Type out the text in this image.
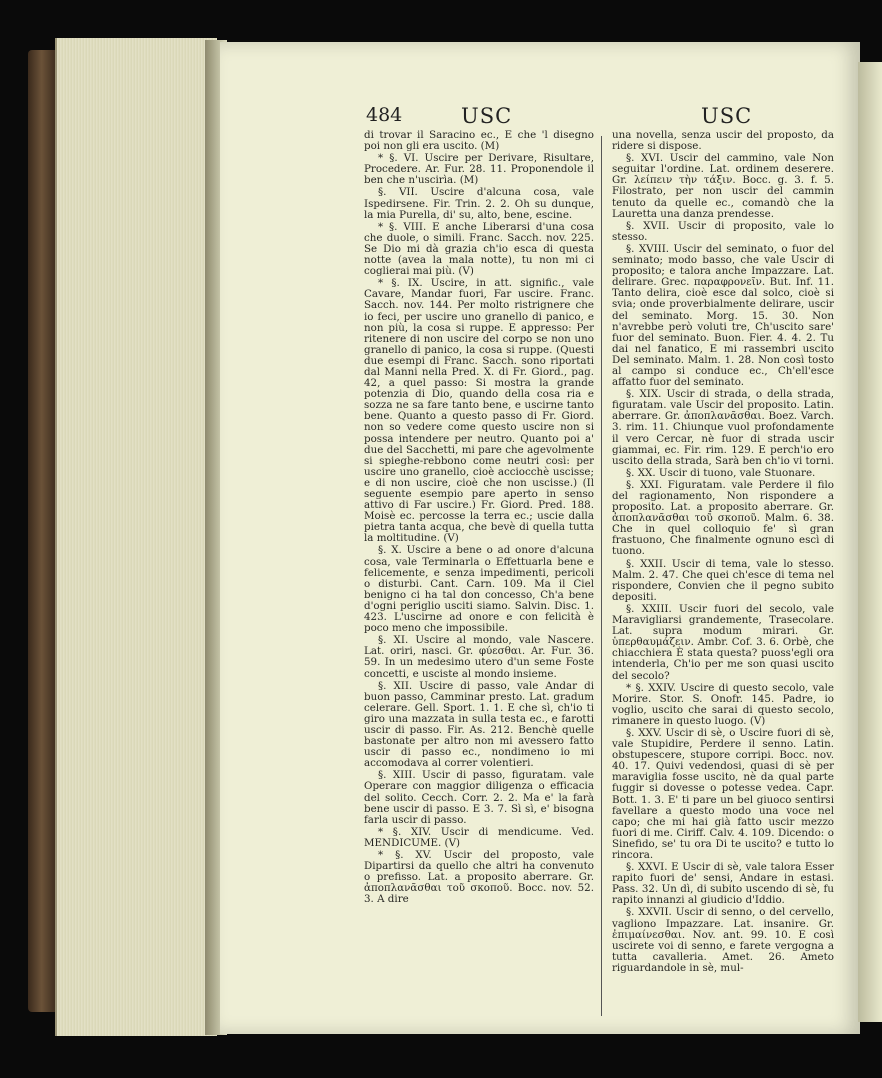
484	USC	USC

di trovar il Saracino ec., E che 'l disegno poi non gli era uscito. (M)

* §. VI. Uscire per Derivare, Risultare, Procedere. Ar. Fur. 28. 11. Proponendole il ben che n'uscirìa. (M)

§. VII. Uscire d'alcuna cosa, vale Ispedirsene. Fir. Trin. 2. 2. Oh su dunque, la mia Purella, di' su, alto, bene, escine.

* §. VIII. E anche Liberarsi d'una cosa che duole, o simili. Franc. Sacch. nov. 225. Se Dio mi dà grazia ch'io esca di questa notte (avea la mala notte), tu non mi ci coglierai mai più. (V)

* §. IX. Uscire, in att. signific., vale Cavare, Mandar fuori, Far uscire. Franc. Sacch. nov. 144. Per molto ristrignere che io feci, per uscire uno granello di panico, e non più, la cosa si ruppe. E appresso: Per ritenere di non uscire del corpo se non uno granello di panico, la cosa si ruppe. (Questi due esempi di Franc. Sacch. sono riportati dal Manni nella Pred. X. di Fr. Giord., pag. 42, a quel passo: Si mostra la grande potenzia di Dio, quando della cosa ria e sozza ne sa fare tanto bene, e uscirne tanto bene. Quanto a questo passo di Fr. Giord. non so vedere come questo uscire non si possa intendere per neutro. Quanto poi a' due del Sacchetti, mi pare che agevolmente si spieghe-rebbono come neutri così: per uscire uno granello, cioè acciocchè uscisse; e di non uscire, cioè che non uscisse.) (Il seguente esempio pare aperto in senso attivo di Far uscire.) Fr. Giord. Pred. 188. Moisè ec. percosse la terra ec.; uscie dalla pietra tanta acqua, che bevè di quella tutta la moltitudine. (V)

§. X. Uscire a bene o ad onore d'alcuna cosa, vale Terminarla o Effettuarla bene e felicemente, e senza impedimenti, pericoli o disturbi. Cant. Carn. 109. Ma il Ciel benigno ci ha tal don concesso, Ch'a bene d'ogni periglio usciti siamo. Salvin. Disc. 1. 423. L'uscirne ad onore e con felicità è poco meno che impossibile.

§. XI. Uscire al mondo, vale Nascere. Lat. oriri, nasci. Gr. φύεσθαι. Ar. Fur. 36. 59. In un medesimo utero d'un seme Foste concetti, e usciste al mondo insieme.

§. XII. Uscire di passo, vale Andar di buon passo, Camminar presto. Lat. gradum celerare. Gell. Sport. 1. 1. E che sì, ch'io ti giro una mazzata in sulla testa ec., e farotti uscir di passo. Fir. As. 212. Benchè quelle bastonate per altro non mi avessero fatto uscir di passo ec., nondimeno io mi accomodava al correr volentieri.

§. XIII. Uscir di passo, figuratam. vale Operare con maggior diligenza o efficacia del solito. Cecch. Corr. 2. 2. Ma e' la farà bene uscir di passo. E 3. 7. Sì sì, e' bisogna farla uscir di passo.

* §. XIV. Uscir di mendicume. Ved. MENDICUME. (V)

* §. XV. Uscir del proposto, vale Dipartirsi da quello che altri ha convenuto o prefisso. Lat. a proposito aberrare. Gr. ἀποπλανᾶσθαι τοῦ σκοποῦ. Bocc. nov. 52. 3. A dire

una novella, senza uscir del proposto, da ridere si dispose.

§. XVI. Uscir del cammino, vale Non seguitar l'ordine. Lat. ordinem deserere. Gr. λείπειν τὴν τάξιν. Bocc. g. 3. f. 5. Filostrato, per non uscir del cammin tenuto da quelle ec., comandò che la Lauretta una danza prendesse.

§. XVII. Uscir di proposito, vale lo stesso.

§. XVIII. Uscir del seminato, o fuor del seminato; modo basso, che vale Uscir di proposito; e talora anche Impazzare. Lat. delirare. Grec. παραφρονεῖν. But. Inf. 11. Tanto delira, cioè esce dal solco, cioè si svia; onde proverbialmente delirare, uscir del seminato. Morg. 15. 30. Non n'avrebbe però voluti tre, Ch'uscito sare' fuor del seminato. Buon. Fier. 4. 4. 2. Tu dai nel fanatico, E mi rassembri uscito Del seminato. Malm. 1. 28. Non così tosto al campo si conduce ec., Ch'ell'esce affatto fuor del seminato.

§. XIX. Uscir di strada, o della strada, figuratam. vale Uscir del proposito. Latin. aberrare. Gr. ἀποπλανᾶσθαι. Boez. Varch. 3. rim. 11. Chiunque vuol profondamente il vero Cercar, nè fuor di strada uscir giammai, ec. Fir. rim. 129. E perch'io ero uscito della strada, Sarà ben ch'io vi torni.

§. XX. Uscir di tuono, vale Stuonare.

§. XXI. Figuratam. vale Perdere il filo del ragionamento, Non rispondere a proposito. Lat. a proposito aberrare. Gr. ἀποπλανᾶσθαι τοῦ σκοποῦ. Malm. 6. 38. Che in quel colloquio fe' sì gran frastuono, Che finalmente ognuno escì di tuono.

§. XXII. Uscir di tema, vale lo stesso. Malm. 2. 47. Che quei ch'esce di tema nel rispondere, Convien che il pegno subito depositi.

§. XXIII. Uscir fuori del secolo, vale Maravigliarsi grandemente, Trasecolare. Lat. supra modum mirari. Gr. ὑπερθαυμάζειν. Ambr. Cof. 3. 6. Orbè, che chiacchiera È stata questa? puoss'egli ora intenderla, Ch'io per me son quasi uscito del secolo?

* §. XXIV. Uscire di questo secolo, vale Morire. Stor. S. Onofr. 145. Padre, io voglio, uscito che sarai di questo secolo, rimanere in questo luogo. (V)

§. XXV. Uscir di sè, o Uscire fuori di sè, vale Stupidire, Perdere il senno. Latin. obstupescere, stupore corripi. Bocc. nov. 40. 17. Quivi vedendosi, quasi di sè per maraviglia fosse uscito, nè da qual parte fuggir si dovesse o potesse vedea. Capr. Bott. 1. 3. E' ti pare un bel giuoco sentirsi favellare a questo modo una voce nel capo; che mi hai già fatto uscir mezzo fuori di me. Ciriff. Calv. 4. 109. Dicendo: o Sinefido, se' tu ora Di te uscito? e tutto lo rincora.

§. XXVI. E Uscir di sè, vale talora Esser rapito fuori de' sensi, Andare in estasi. Pass. 32. Un dì, di subito uscendo di sè, fu rapito innanzi al giudicio d'Iddio.

§. XXVII. Uscir di senno, o del cervello, vagliono Impazzare. Lat. insanire. Gr. ἐπιμαίνεσθαι. Nov. ant. 99. 10. E così uscirete voi di senno, e farete vergogna a tutta cavalleria. Amet. 26. Ameto riguardandole in sè, mul-
